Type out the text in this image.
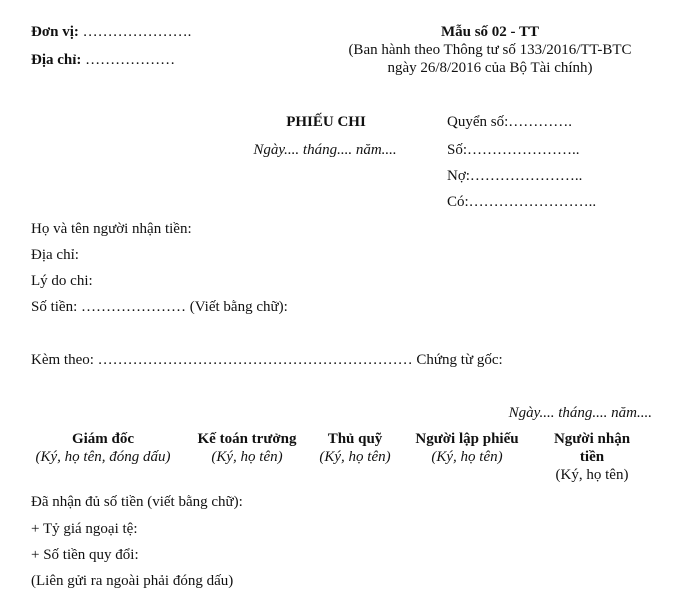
Đơn vị: ………………….
Địa chỉ: ………………
Mẫu số 02 - TT
(Ban hành theo Thông tư số 133/2016/TT-BTC
ngày 26/8/2016 của Bộ Tài chính)
PHIẾU CHI
Ngày.... tháng.... năm....
Quyển số:………….
Số:…………………..
Nợ:…………………..
Có:……………………..
Họ và tên người nhận tiền:
Địa chỉ:
Lý do chi:
Số tiền: ………………… (Viết bằng chữ):
Kèm theo: ……………………………………………………… Chứng từ gốc:
Ngày.... tháng.... năm....
Giám đốc
(Ký, họ tên, đóng dấu)
Kế toán trưởng
(Ký, họ tên)
Thủ quỹ
(Ký, họ tên)
Người lập phiếu
(Ký, họ tên)
Người nhận
tiền
(Ký, họ tên)
Đã nhận đủ số tiền (viết bằng chữ):
+ Tỷ giá ngoại tệ:
+ Số tiền quy đổi:
(Liên gửi ra ngoài phải đóng dấu)
